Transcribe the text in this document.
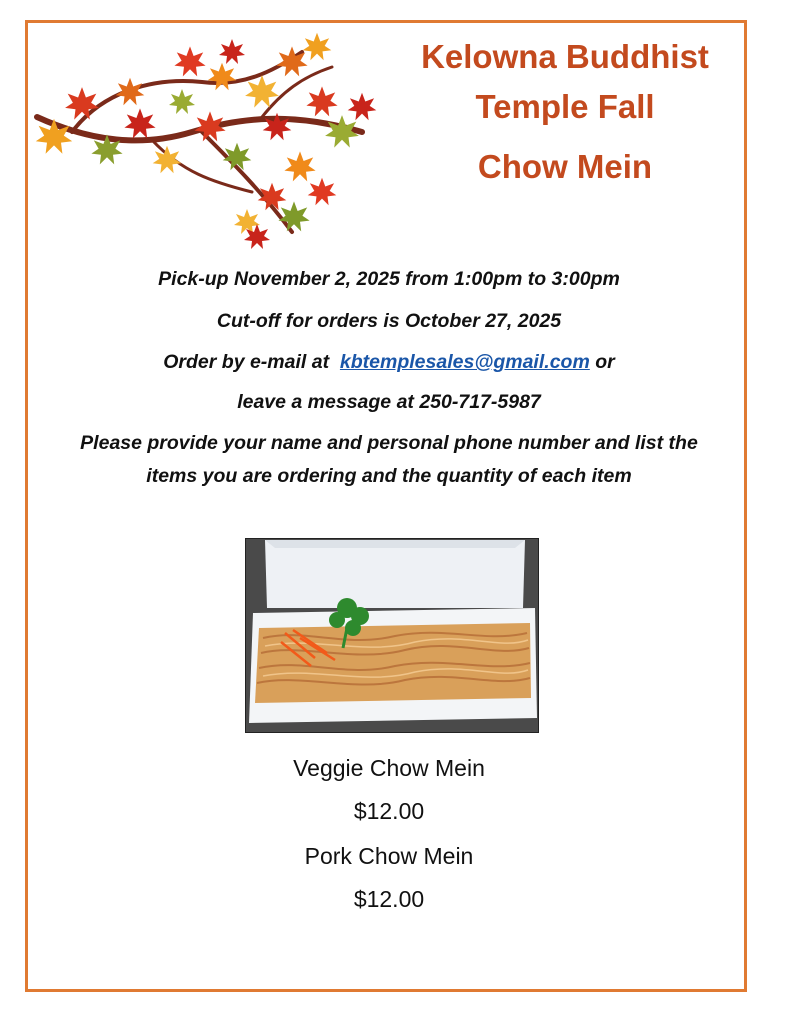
Kelowna Buddhist
Temple Fall
Chow Mein
Pick-up November 2, 2025 from 1:00pm to 3:00pm
Cut-off for orders is October 27, 2025
Order by e-mail at kbtemplesales@gmail.com or
leave a message at 250-717-5987
Please provide your name and personal phone number and list the
items you are ordering and the quantity of each item
Veggie Chow Mein
$12.00
Pork Chow Mein
$12.00
